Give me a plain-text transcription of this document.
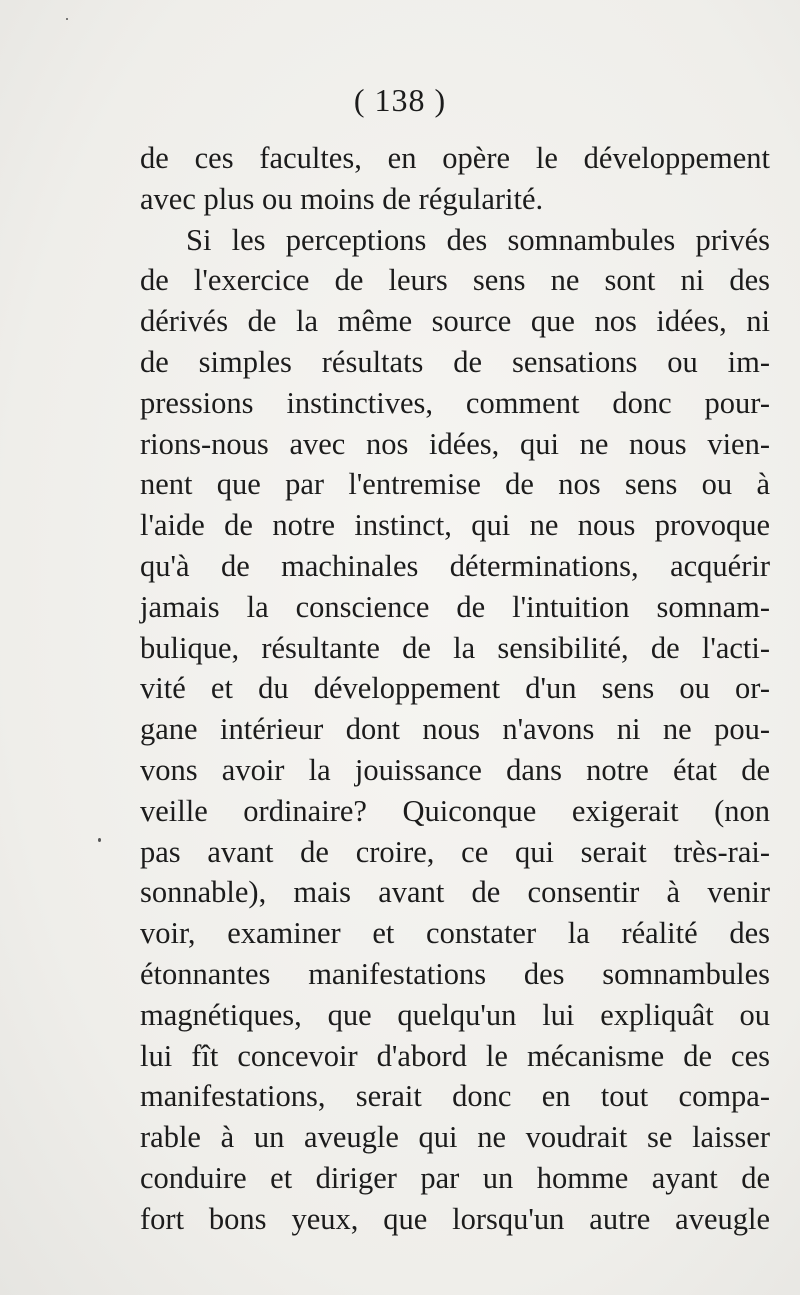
( 138 )
de ces facultes, en opère le développement
avec plus ou moins de régularité.
Si les perceptions des somnambules privés
de l'exercice de leurs sens ne sont ni des
dérivés de la même source que nos idées, ni
de simples résultats de sensations ou im-
pressions instinctives, comment donc pour-
rions-nous avec nos idées, qui ne nous vien-
nent que par l'entremise de nos sens ou à
l'aide de notre instinct, qui ne nous provoque
qu'à de machinales déterminations, acquérir
jamais la conscience de l'intuition somnam-
bulique, résultante de la sensibilité, de l'acti-
vité et du développement d'un sens ou or-
gane intérieur dont nous n'avons ni ne pou-
vons avoir la jouissance dans notre état de
veille ordinaire? Quiconque exigerait (non
pas avant de croire, ce qui serait très-rai-
sonnable), mais avant de consentir à venir
voir, examiner et constater la réalité des
étonnantes manifestations des somnambules
magnétiques, que quelqu'un lui expliquât ou
lui fît concevoir d'abord le mécanisme de ces
manifestations, serait donc en tout compa-
rable à un aveugle qui ne voudrait se laisser
conduire et diriger par un homme ayant de
fort bons yeux, que lorsqu'un autre aveugle
